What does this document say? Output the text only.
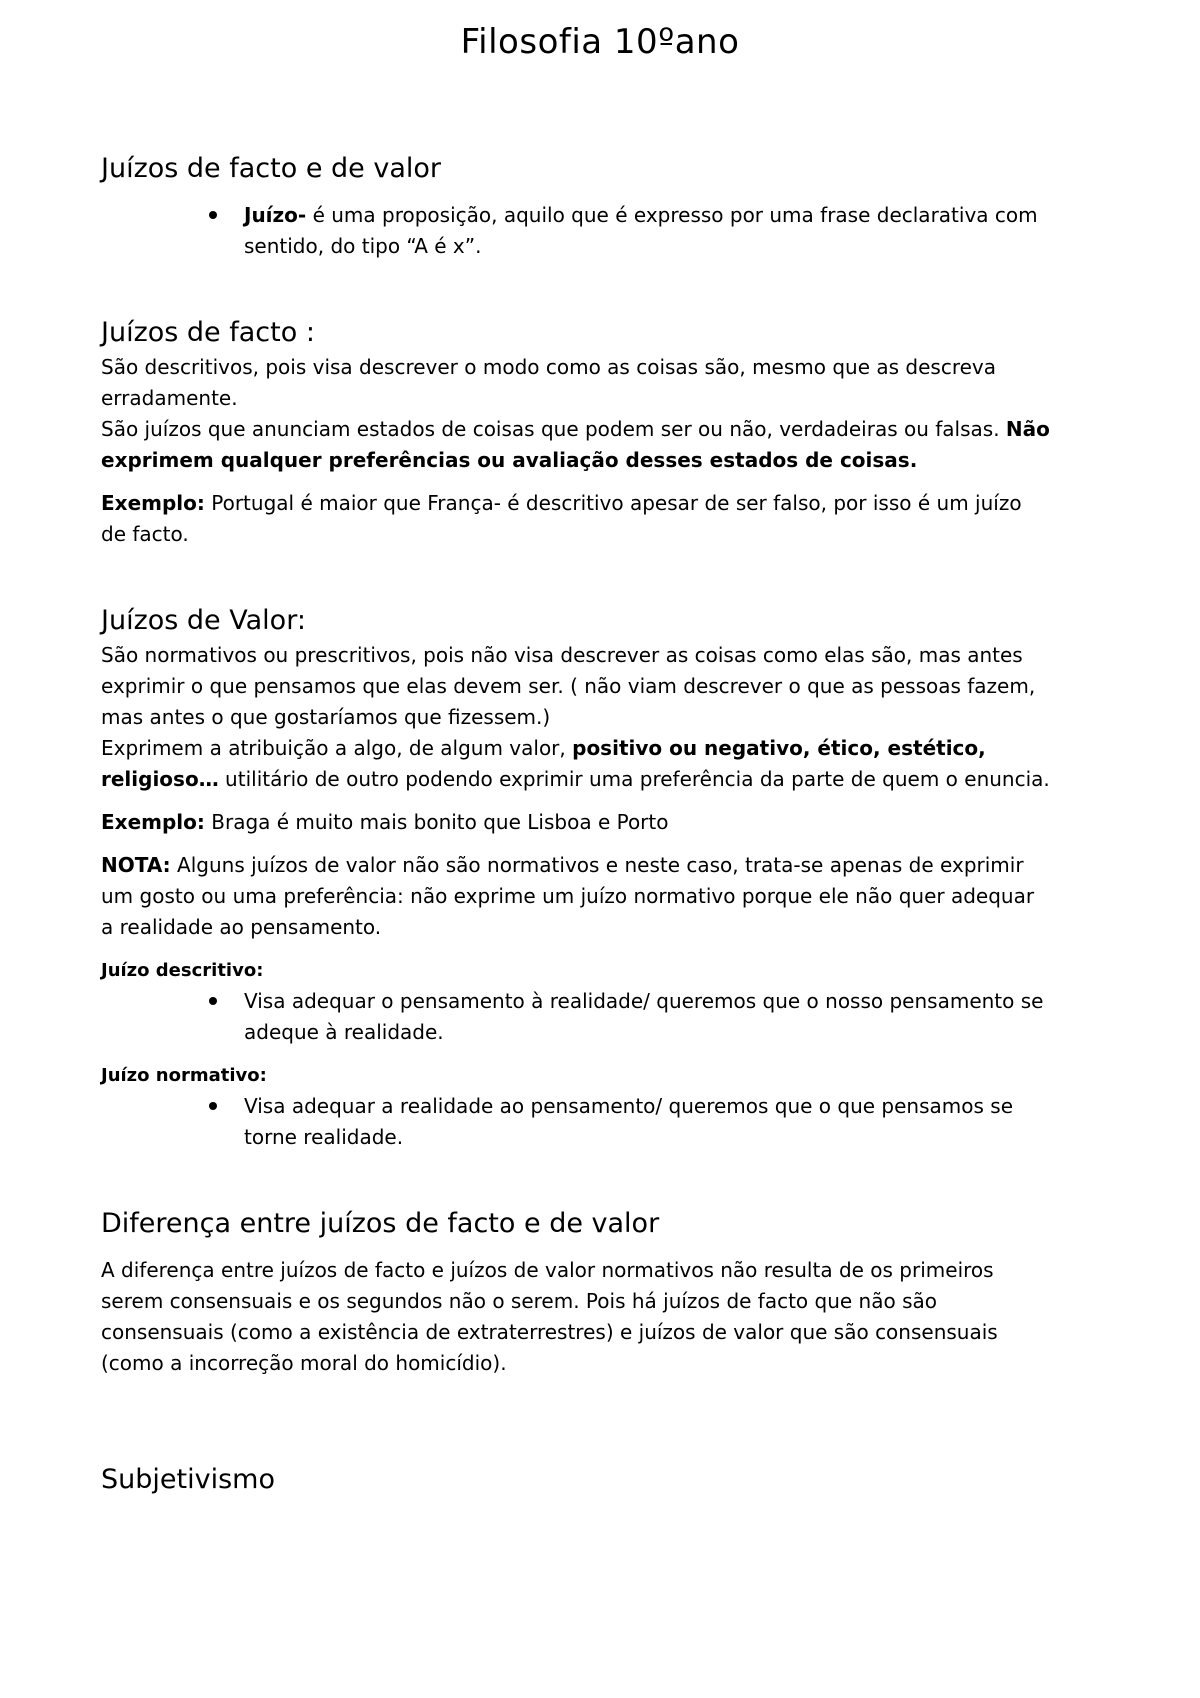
Filosofia 10ºano
Juízos de facto e de valor
Juízo- é uma proposição, aquilo que é expresso por uma frase declarativa com sentido, do tipo “A é x”.
Juízos de facto :

São descritivos, pois visa descrever o modo como as coisas são, mesmo que as descreva erradamente.

São juízos que anunciam estados de coisas que podem ser ou não, verdadeiras ou falsas. Não exprimem qualquer preferências ou avaliação desses estados de coisas.

Exemplo: Portugal é maior que França- é descritivo apesar de ser falso, por isso é um juízo de facto.

Juízos de Valor:

São normativos ou prescritivos, pois não visa descrever as coisas como elas são, mas antes exprimir o que pensamos que elas devem ser. ( não viam descrever o que as pessoas fazem, mas antes o que gostaríamos que fizessem.)

Exprimem a atribuição a algo, de algum valor, positivo ou negativo, ético, estético, religioso… utilitário de outro podendo exprimir uma preferência da parte de quem o enuncia.

Exemplo: Braga é muito mais bonito que Lisboa e Porto

NOTA: Alguns juízos de valor não são normativos e neste caso, trata-se apenas de exprimir um gosto ou uma preferência: não exprime um juízo normativo porque ele não quer adequar a realidade ao pensamento.

Juízo descritivo:

Visa adequar o pensamento à realidade/ queremos que o nosso pensamento se adeque à realidade.

Juízo normativo:

Visa adequar a realidade ao pensamento/ queremos que o que pensamos se torne realidade.
Diferença entre juízos de facto e de valor

A diferença entre juízos de facto e juízos de valor normativos não resulta de os primeiros serem consensuais e os segundos não o serem. Pois há juízos de facto que não são consensuais (como a existência de extraterrestres) e juízos de valor que são consensuais (como a incorreção moral do homicídio).

Subjetivismo
